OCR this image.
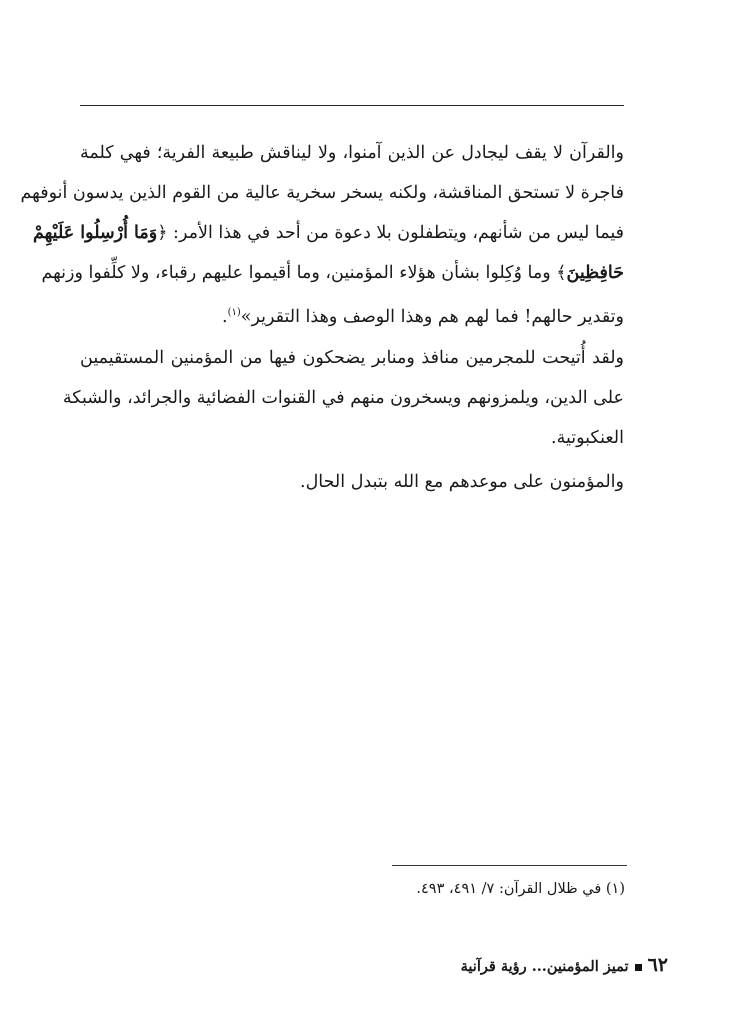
والقرآن لا يقف ليجادل عن الذين آمنوا، ولا ليناقش طبيعة الفرية؛ فهي كلمة
فاجرة لا تستحق المناقشة، ولكنه يسخر سخرية عالية من القوم الذين يدسون أنوفهم
فيما ليس من شأنهم، ويتطفلون بلا دعوة من أحد في هذا الأمر: ﴿وَمَا أُرْسِلُوا عَلَيْهِمْ
حَافِظِينَ﴾ وما وُكِلوا بشأن هؤلاء المؤمنين، وما أقيموا عليهم رقباء، ولا كلِّفوا وزنهم
وتقدير حالهم! فما لهم هم وهذا الوصف وهذا التقرير»$^{(١)}$.
ولقد أُتيحت للمجرمين منافذ ومنابر يضحكون فيها من المؤمنين المستقيمين
على الدين، ويلمزونهم ويسخرون منهم في القنوات الفضائية والجرائد، والشبكة
العنكبوتية.
والمؤمنون على موعدهم مع الله بتبدل الحال.
(١) في ظلال القرآن: ٧/ ٤٩١، ٤٩٣.
٦٢تميز المؤمنين... رؤية قرآنية
